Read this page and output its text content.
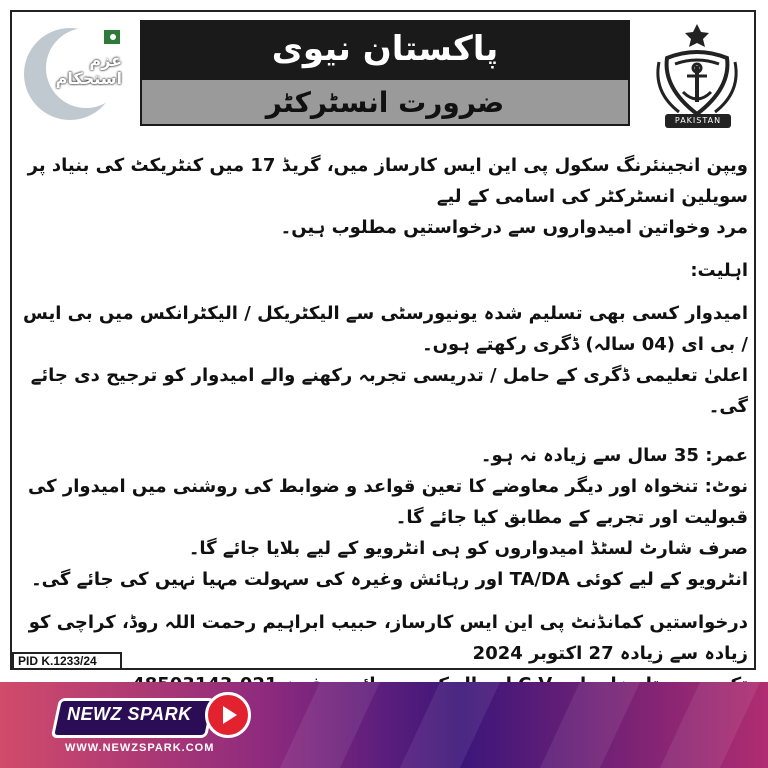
عزم
استحکام
پاکستان نیوی
ضرورت انسٹرکٹر
PAKISTAN

ویپن انجینئرنگ سکول پی این ایس کارساز میں، گریڈ 17 میں کنٹریکٹ کی بنیاد پر سویلین انسٹرکٹر کی اسامی کے لیے

مرد وخواتین امیدواروں سے درخواستیں مطلوب ہیں۔

اہلیت:

امیدوار کسی بھی تسلیم شدہ یونیورسٹی سے الیکٹریکل / الیکٹرانکس میں بی ایس / بی ای (04 سالہ) ڈگری رکھتے ہوں۔

اعلیٰ تعلیمی ڈگری کے حامل / تدریسی تجربہ رکھنے والے امیدوار کو ترجیح دی جائے گی۔

عمر: 35 سال سے زیادہ نہ ہو۔

نوٹ: تنخواہ اور دیگر معاوضے کا تعین قواعد و ضوابط کی روشنی میں امیدوار کی قبولیت اور تجربے کے مطابق کیا جائے گا۔

صرف شارٹ لسٹڈ امیدواروں کو ہی انٹرویو کے لیے بلایا جائے گا۔

انٹرویو کے لیے کوئی TA/DA اور رہائش وغیرہ کی سہولت مہیا نہیں کی جائے گی۔

درخواستیں کمانڈنٹ پی این ایس کارساز، حبیب ابراہیم رحمت اللہ روڈ، کراچی کو زیادہ سے زیادہ 27 اکتوبر 2024

PID K.1233/24
NEWZ SPARK
WWW.NEWZSPARK.COM
